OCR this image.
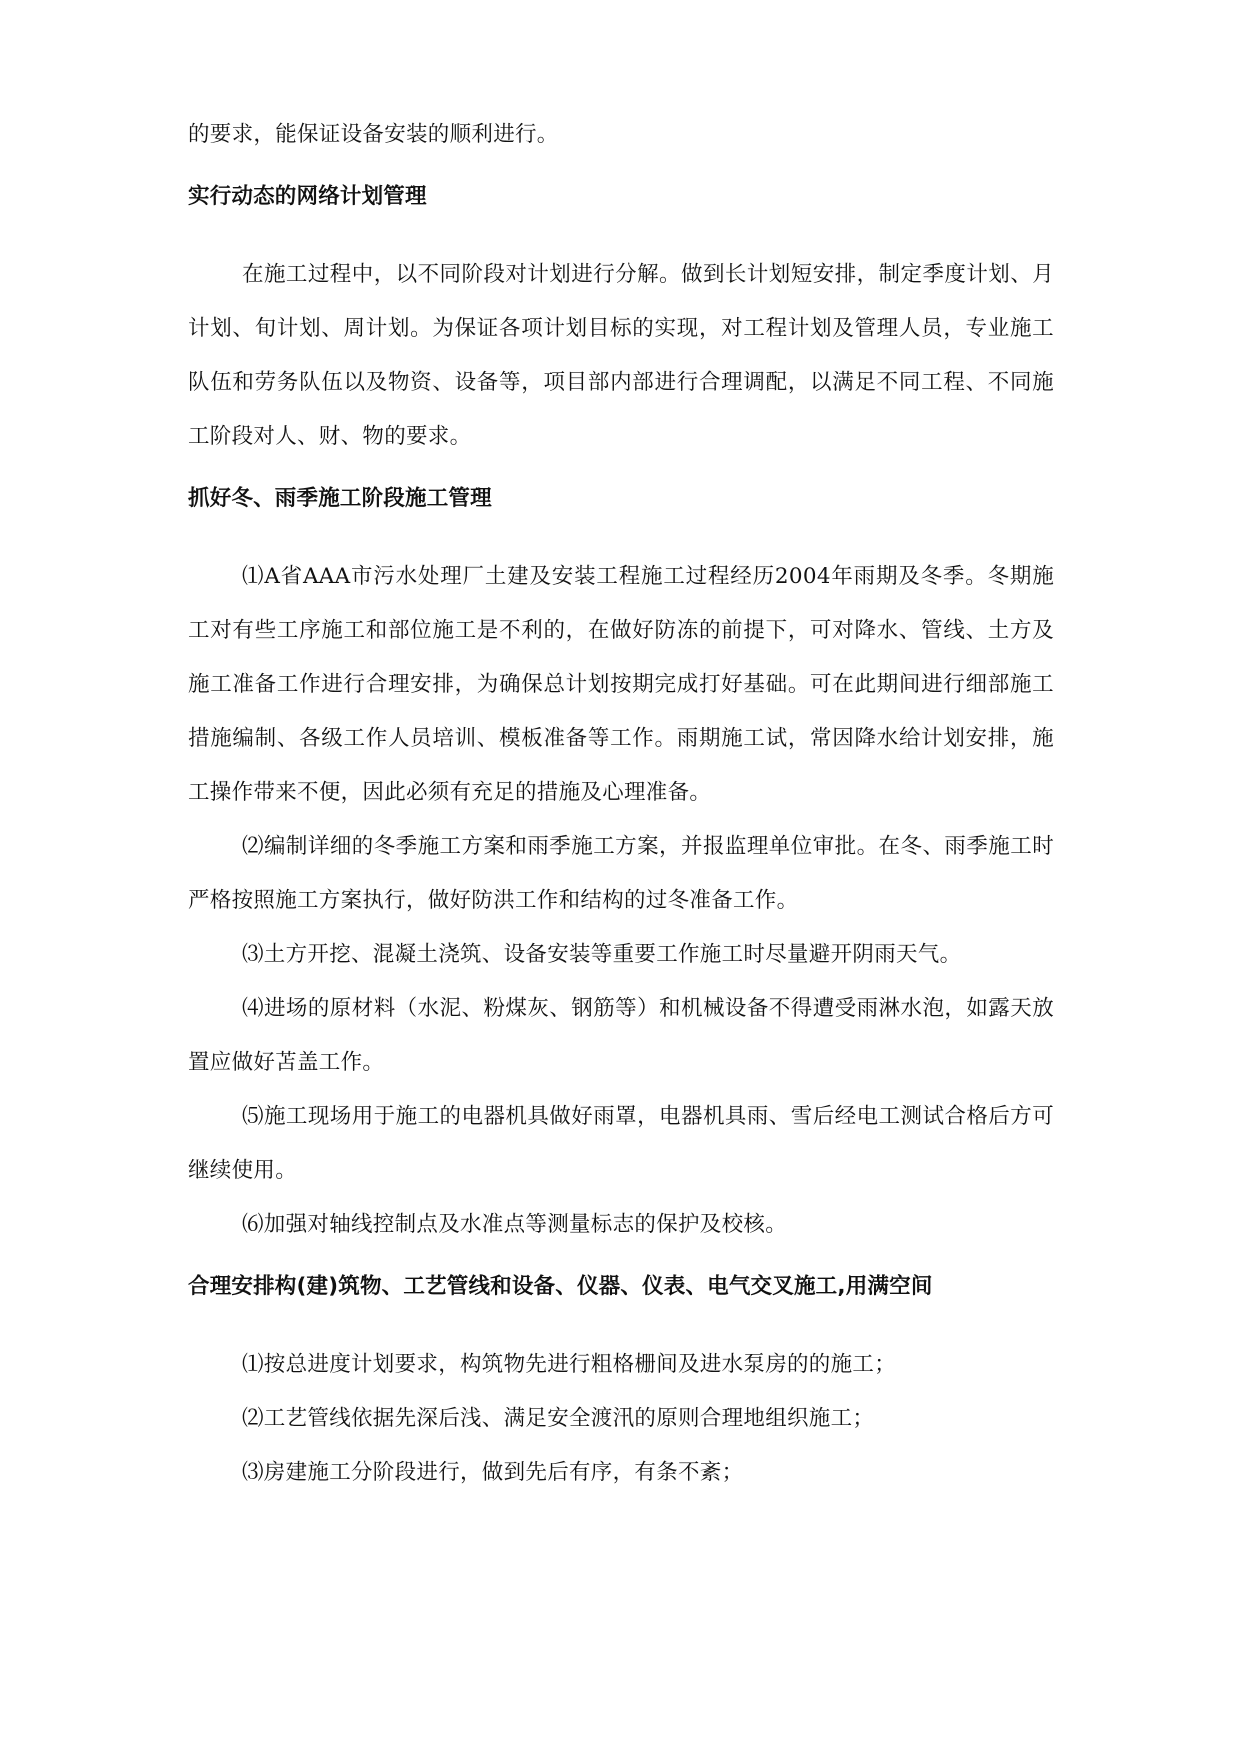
的要求，能保证设备安装的顺利进行。

实行动态的网络计划管理

在施工过程中，以不同阶段对计划进行分解。做到长计划短安排，制定季度计划、月计划、旬计划、周计划。为保证各项计划目标的实现，对工程计划及管理人员，专业施工队伍和劳务队伍以及物资、设备等，项目部内部进行合理调配，以满足不同工程、不同施工阶段对人、财、物的要求。

抓好冬、雨季施工阶段施工管理

⑴A省AAA市污水处理厂土建及安装工程施工过程经历2004年雨期及冬季。冬期施工对有些工序施工和部位施工是不利的，在做好防冻的前提下，可对降水、管线、土方及施工准备工作进行合理安排，为确保总计划按期完成打好基础。可在此期间进行细部施工措施编制、各级工作人员培训、模板准备等工作。雨期施工试，常因降水给计划安排，施工操作带来不便，因此必须有充足的措施及心理准备。

⑵编制详细的冬季施工方案和雨季施工方案，并报监理单位审批。在冬、雨季施工时严格按照施工方案执行，做好防洪工作和结构的过冬准备工作。

⑶土方开挖、混凝土浇筑、设备安装等重要工作施工时尽量避开阴雨天气。

⑷进场的原材料（水泥、粉煤灰、钢筋等）和机械设备不得遭受雨淋水泡，如露天放置应做好苫盖工作。

⑸施工现场用于施工的电器机具做好雨罩，电器机具雨、雪后经电工测试合格后方可继续使用。

⑹加强对轴线控制点及水准点等测量标志的保护及校核。

合理安排构(建)筑物、工艺管线和设备、仪器、仪表、电气交叉施工,用满空间

⑴按总进度计划要求，构筑物先进行粗格栅间及进水泵房的的施工；

⑵工艺管线依据先深后浅、满足安全渡汛的原则合理地组织施工；

⑶房建施工分阶段进行，做到先后有序，有条不紊；
